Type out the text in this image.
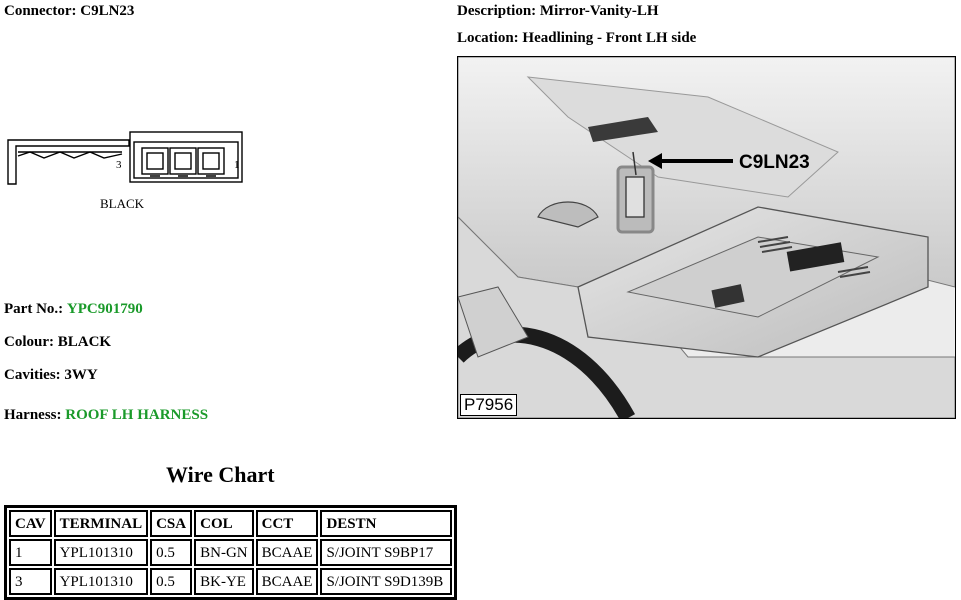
Connector: C9LN23	Description: Mirror-Vanity-LH
Location: Headlining - Front LH side
3	1
BLACK
Part No.: YPC901790
Colour: BLACK
Cavities: 3WY
Harness: ROOF LH HARNESS
Wire Chart
CAV	TERMINAL	CSA	COL	CCT	DESTN
1	YPL101310	0.5	BN-GN	BCAAE	S/JOINT S9BP17
3	YPL101310	0.5	BK-YE	BCAAE	S/JOINT S9D139B
C9LN23
P7956
